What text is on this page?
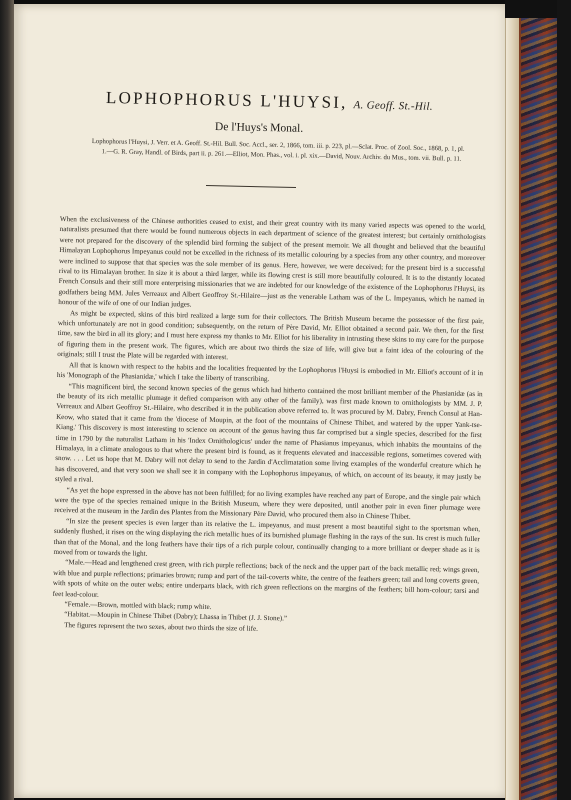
LOPHOPHORUS L'HUYSI, A. Geoff. St.-Hil.
De l'Huys's Monal.
Lophophorus l'Huysi, J. Verr. et A. Geoff. St.-Hil. Bull. Soc. Accl., ser. 2, 1866, tom. iii. p. 223, pl.—Sclat. Proc. of Zool. Soc., 1868, p. 1, pl. 1.—G. R. Gray, Handl. of Birds, part ii. p. 261.—Elliot, Mon. Phas., vol. i. pl. xix.—David, Nouv. Archiv. du Mus., tom. vii. Bull. p. 11.

When the exclusiveness of the Chinese authorities ceased to exist, and their great country with its many varied aspects was opened to the world, naturalists presumed that there would be found numerous objects in each department of science of the greatest interest; but certainly ornithologists were not prepared for the discovery of the splendid bird forming the subject of the present memoir. We all thought and believed that the beautiful Himalayan Lophophorus Impeyanus could not be excelled in the richness of its metallic colouring by a species from any other country, and moreover were inclined to suppose that that species was the sole member of its genus. Here, however, we were deceived; for the present bird is a successful rival to its Himalayan brother. In size it is about a third larger, while its flowing crest is still more beautifully coloured. It is to the distantly located French Consuls and their still more enterprising missionaries that we are indebted for our knowledge of the existence of the Lophophorus l'Huysi, its godfathers being MM. Jules Verreaux and Albert Geoffroy St.-Hilaire—just as the venerable Latham was of the L. Impeyanus, which he named in honour of the wife of one of our Indian judges.

As might be expected, skins of this bird realized a large sum for their collectors. The British Museum became the possessor of the first pair, which unfortunately are not in good condition; subsequently, on the return of Père David, Mr. Elliot obtained a second pair. We then, for the first time, saw the bird in all its glory; and I must here express my thanks to Mr. Elliot for his liberality in intrusting these skins to my care for the purpose of figuring them in the present work. The figures, which are about two thirds the size of life, will give but a faint idea of the colouring of the originals; still I trust the Plate will be regarded with interest.

All that is known with respect to the habits and the localities frequented by the Lophophorus l'Huysi is embodied in Mr. Elliot's account of it in his 'Monograph of the Phasianidæ,' which I take the liberty of transcribing.

“This magnificent bird, the second known species of the genus which had hitherto contained the most brilliant member of the Phasianidæ (as in the beauty of its rich metallic plumage it defied comparison with any other of the family), was first made known to ornithologists by MM. J. P. Verreaux and Albert Geoffroy St.-Hilaire, who described it in the publication above referred to. It was procured by M. Dabry, French Consul at Han-Keow, who stated that it came from the 'diocese of Moupin, at the foot of the mountains of Chinese Thibet, and watered by the upper Yank-tse-Kiang.' This discovery is most interesting to science on account of the genus having thus far comprised but a single species, described for the first time in 1790 by the naturalist Latham in his 'Index Ornithologicus' under the name of Phasianus impeyanus, which inhabits the mountains of the Himalaya, in a climate analogous to that where the present bird is found, as it frequents elevated and inaccessible regions, sometimes covered with snow. . . . Let us hope that M. Dabry will not delay to send to the Jardin d'Acclimatation some living examples of the wonderful creature which he has discovered, and that very soon we shall see it in company with the Lophophorus impeyanus, of which, on account of its beauty, it may justly be styled a rival.

“As yet the hope expressed in the above has not been fulfilled; for no living examples have reached any part of Europe, and the single pair which were the type of the species remained unique in the British Museum, where they were deposited, until another pair in even finer plumage were received at the museum in the Jardin des Plantes from the Missionary Père David, who procured them also in Chinese Thibet.

“In size the present species is even larger than its relative the L. impeyanus, and must present a most beautiful sight to the sportsman when, suddenly flushed, it rises on the wing displaying the rich metallic hues of its burnished plumage flashing in the rays of the sun. Its crest is much fuller than that of the Monal, and the long feathers have their tips of a rich purple colour, continually changing to a more brilliant or deeper shade as it is moved from or towards the light.

“Male.—Head and lengthened crest green, with rich purple reflections; back of the neck and the upper part of the back metallic red; wings green, with blue and purple reflections; primaries brown; rump and part of the tail-coverts white, the centre of the feathers green; tail and long coverts green, with spots of white on the outer webs; entire underparts black, with rich green reflections on the margins of the feathers; bill horn-colour; tarsi and feet lead-colour.

“Female.—Brown, mottled with black; rump white.

“Habitat.—Moupin in Chinese Thibet (Dabry); Lhassa in Thibet (J. J. Stone).”

The figures represent the two sexes, about two thirds the size of life.
